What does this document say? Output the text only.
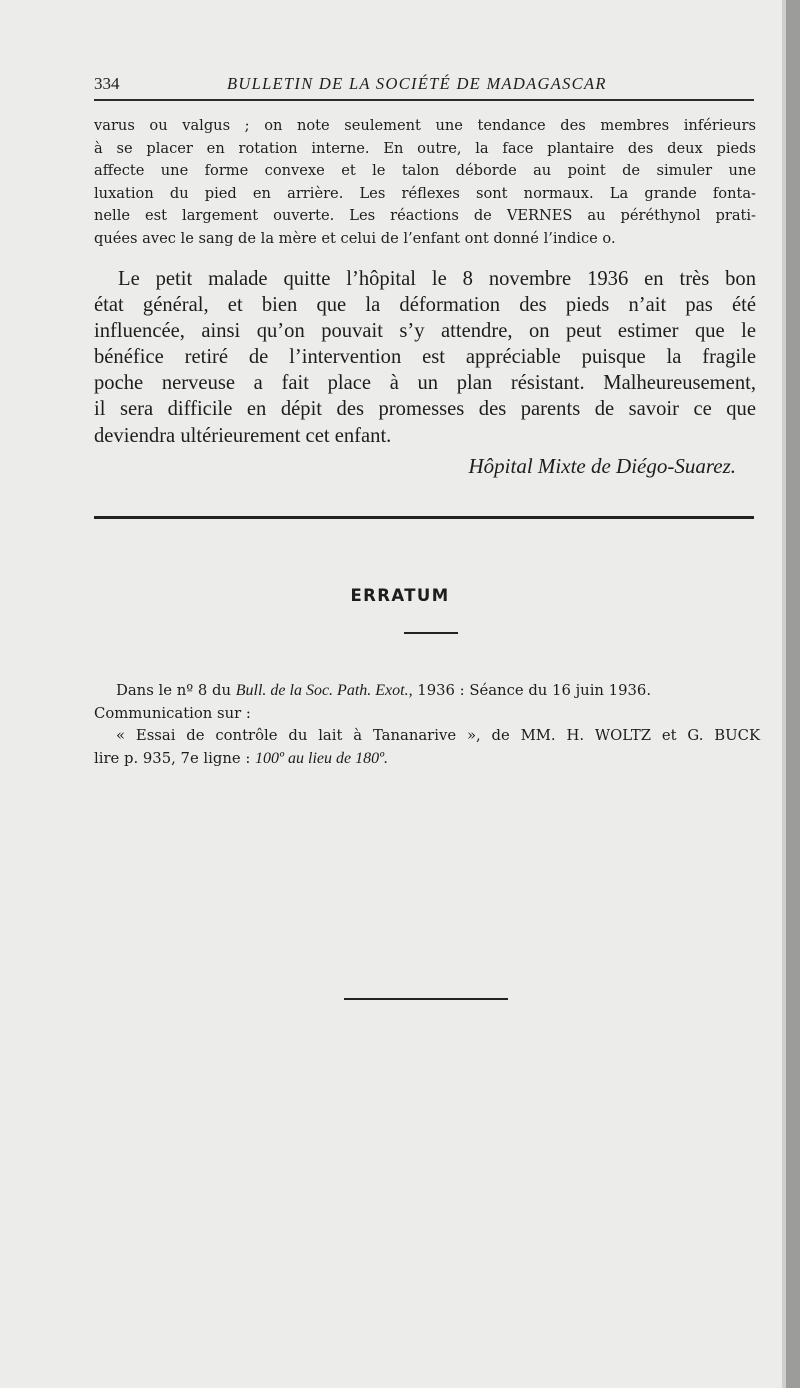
334	BULLETIN DE LA SOCIÉTÉ DE MADAGASCAR
varus ou valgus ; on note seulement une tendance des membres inférieurs
à se placer en rotation interne. En outre, la face plantaire des deux pieds
affecte une forme convexe et le talon déborde au point de simuler une
luxation du pied en arrière. Les réflexes sont normaux. La grande fonta-
nelle est largement ouverte. Les réactions de VERNES au péréthynol prati-
quées avec le sang de la mère et celui de l’enfant ont donné l’indice o.
Le petit malade quitte l’hôpital le 8 novembre 1936 en très bon
état général, et bien que la déformation des pieds n’ait pas été
influencée, ainsi qu’on pouvait s’y attendre, on peut estimer que le
bénéfice retiré de l’intervention est appréciable puisque la fragile
poche nerveuse a fait place à un plan résistant. Malheureusement,
il sera difficile en dépit des promesses des parents de savoir ce que
deviendra ultérieurement cet enfant.
Hôpital Mixte de Diégo-Suarez.
ERRATUM
Dans le nº 8 du Bull. de la Soc. Path. Exot., 1936 : Séance du 16 juin 1936.
Communication sur :
« Essai de contrôle du lait à Tananarive », de MM. H. WOLTZ et G. BUCK
lire p. 935, 7e ligne : 100º au lieu de 180º.
